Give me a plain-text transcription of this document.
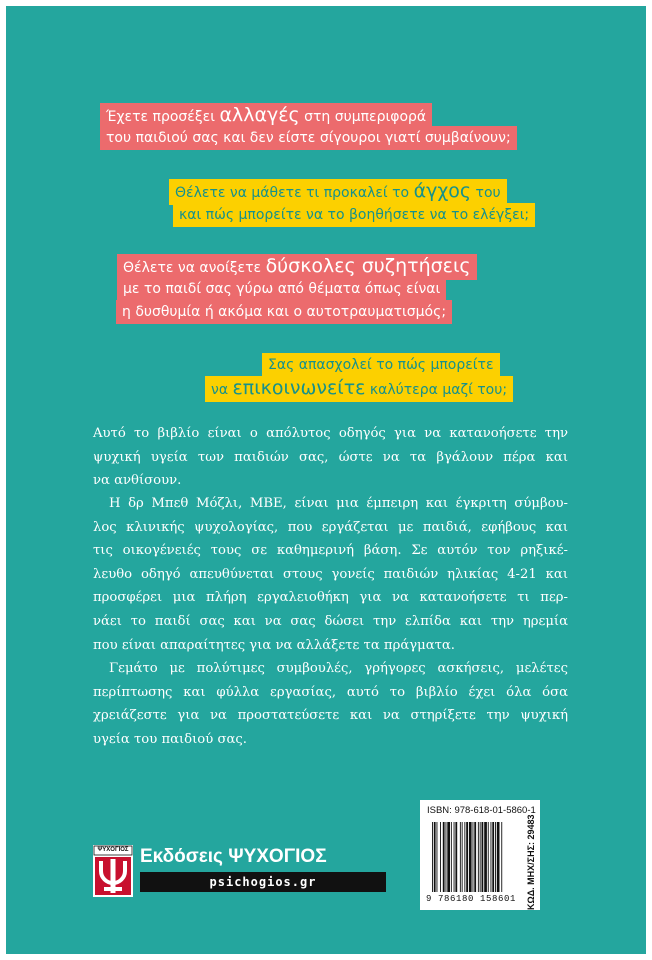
Έχετε προσέξει αλλαγές στη συμπεριφορά
του παιδιού σας και δεν είστε σίγουροι γιατί συμβαίνουν;
Θέλετε να μάθετε τι προκαλεί το άγχος του
και πώς μπορείτε να το βοηθήσετε να το ελέγξει;
Θέλετε να ανοίξετε δύσκολες συζητήσεις
με το παιδί σας γύρω από θέματα όπως είναι
η δυσθυμία ή ακόμα και ο αυτοτραυματισμός;
Σας απασχολεί το πώς μπορείτε
να επικοινωνείτε καλύτερα μαζί του;
Αυτό το βιβλίο είναι ο απόλυτος οδηγός για να κατανοήσετε την
ψυχική υγεία των παιδιών σας, ώστε να τα βγάλουν πέρα και
να ανθίσουν.
Η δρ Μπεθ Μόζλι, MBE, είναι μια έμπειρη και έγκριτη σύμβου-
λος κλινικής ψυχολογίας, που εργάζεται με παιδιά, εφήβους και
τις οικογένειές τους σε καθημερινή βάση. Σε αυτόν τον ρηξικέ-
λευθο οδηγό απευθύνεται στους γονείς παιδιών ηλικίας 4-21 και
προσφέρει μια πλήρη εργαλειοθήκη για να κατανοήσετε τι περ-
νάει το παιδί σας και να σας δώσει την ελπίδα και την ηρεμία
που είναι απαραίτητες για να αλλάξετε τα πράγματα.
Γεμάτο με πολύτιμες συμβουλές, γρήγορες ασκήσεις, μελέτες
περίπτωσης και φύλλα εργασίας, αυτό το βιβλίο έχει όλα όσα
χρειάζεστε για να προστατεύσετε και να στηρίξετε την ψυχική
υγεία του παιδιού σας.
ΨΥΧΟΓΙΟΣ Εκδόσεις ΨΥΧΟΓΙΟΣ
psichogios.gr
ISBN: 978-618-01-5860-1
9 786180 158601 ΚΩΔ. ΜΗΧ/ΣΗΣ: 29483
